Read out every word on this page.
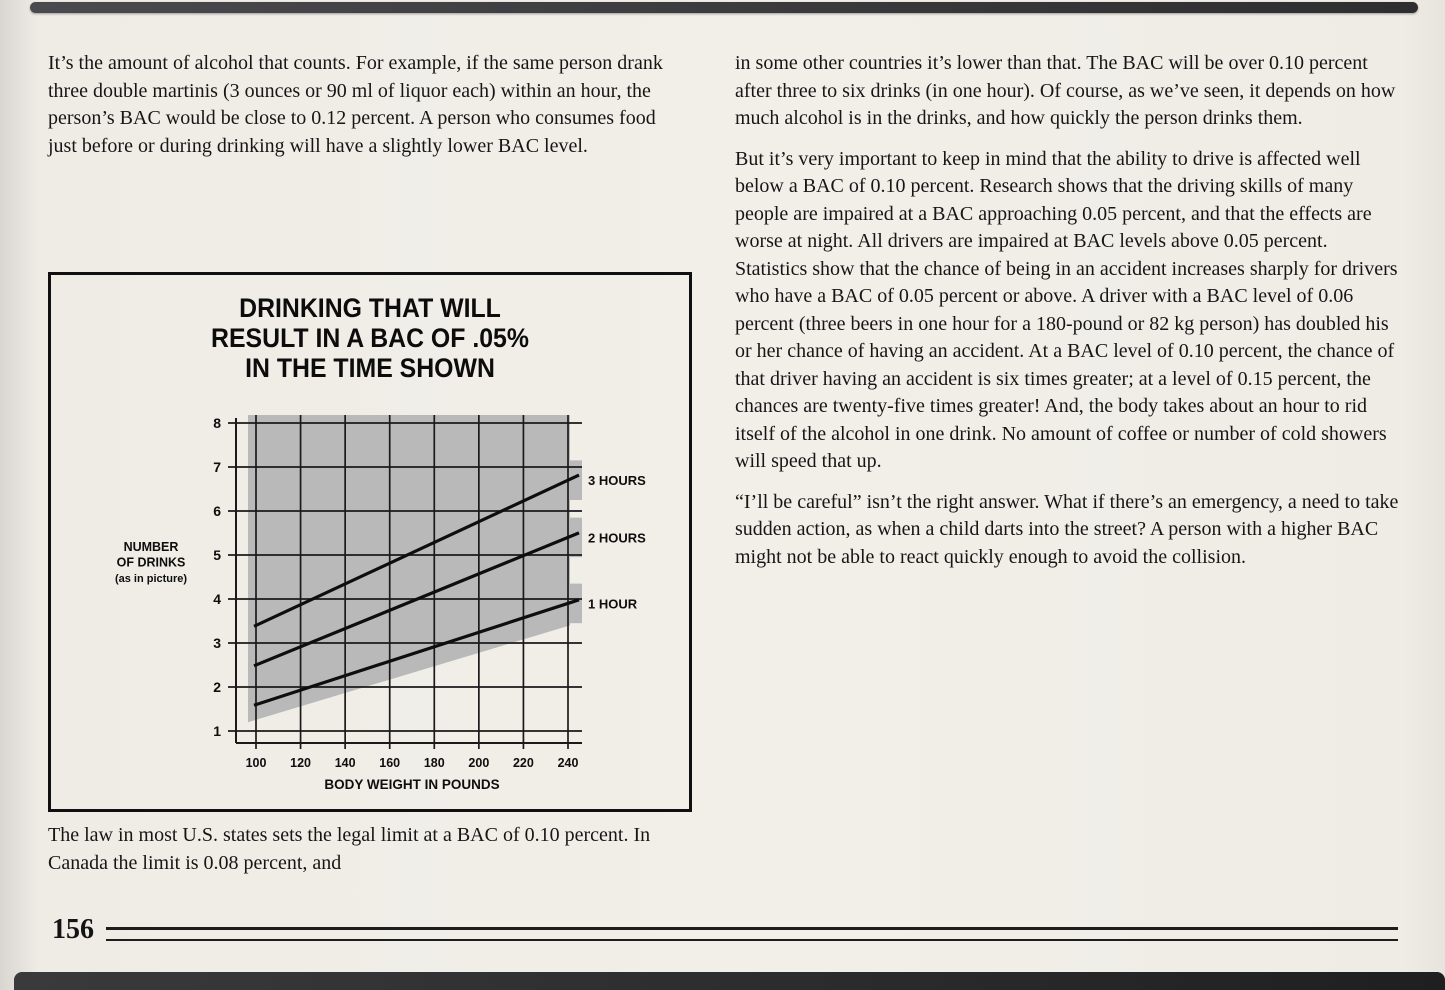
It’s the amount of alcohol that counts. For example, if the same person drank three double martinis (3 ounces or 90 ml of liquor each) within an hour, the person’s BAC would be close to 0.12 percent. A person who consumes food just before or during drinking will have a slightly lower BAC level.

3 HOURS
2 HOURS
1 HOUR
1
2
3
4
5
6
7
8
100 120 140 160 180 200 220 240
BODY WEIGHT IN POUNDS
NUMBER
OF DRINKS
(as in picture)
DRINKING THAT WILL
RESULT IN A BAC OF .05%
IN THE TIME SHOWN

The law in most U.S. states sets the legal limit at a BAC of 0.10 percent. In Canada the limit is 0.08 percent, and

in some other countries it’s lower than that. The BAC will be over 0.10 percent after three to six drinks (in one hour). Of course, as we’ve seen, it depends on how much alcohol is in the drinks, and how quickly the person drinks them.

But it’s very important to keep in mind that the ability to drive is affected well below a BAC of 0.10 percent. Research shows that the driving skills of many people are impaired at a BAC approaching 0.05 percent, and that the effects are worse at night. All drivers are impaired at BAC levels above 0.05 percent. Statistics show that the chance of being in an accident increases sharply for drivers who have a BAC of 0.05 percent or above. A driver with a BAC level of 0.06 percent (three beers in one hour for a 180-pound or 82 kg person) has doubled his or her chance of having an accident. At a BAC level of 0.10 percent, the chance of that driver having an accident is six times greater; at a level of 0.15 percent, the chances are twenty-five times greater! And, the body takes about an hour to rid itself of the alcohol in one drink. No amount of coffee or number of cold showers will speed that up.

“I’ll be careful” isn’t the right answer. What if there’s an emergency, a need to take sudden action, as when a child darts into the street? A person with a higher BAC might not be able to react quickly enough to avoid the collision.

156
